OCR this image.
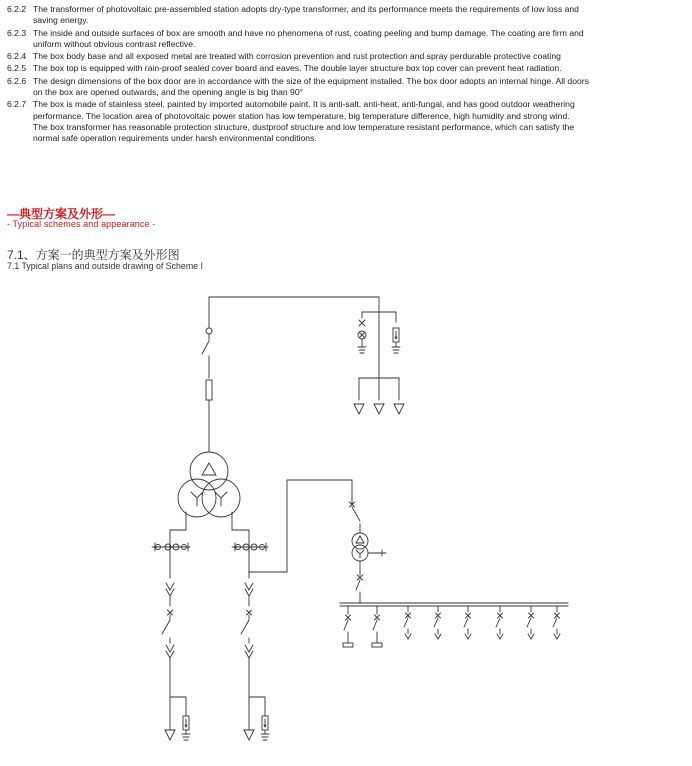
6.2.2 The transformer of photovoltaic pre-assembled station adopts dry-type transformer, and its performance meets the requirements of low loss and
saving energy.
6.2.3 The inside and outside surfaces of box are smooth and have no phenomena of rust, coating peeling and bump damage. The coating are firm and
uniform without obvious contrast reflective.
6.2.4 The box body base and all exposed metal are treated with corrosion prevention and rust protection and spray perdurable protective coating
6.2.5 The box top is equipped with rain-proof sealed cover board and eaves. The double layer structure box top cover can prevent heat radiation.
6.2.6 The design dimensions of the box door are in accordance with the size of the equipment installed. The box door adopts an internal hinge. All doors
on the box are opened outwards, and the opening angle is big than 90°
6.2.7 The box is made of stainless steel, painted by imported automobile paint. It is anti-salt, anti-heat, anti-fungal, and has good outdoor weathering
performance. The location area of photovoltaic power station has low temperature, big temperature difference, high humidity and strong wind.
The box transformer has reasonable protection structure, dustproof structure and low temperature resistant performance, which can satisfy the
normal safe operation requirements under harsh environmental conditions.
—典型方案及外形—
- Typical schemes and appearance -
7.1、方案一的典型方案及外形图
7.1 Typical plans and outside drawing of Scheme I
